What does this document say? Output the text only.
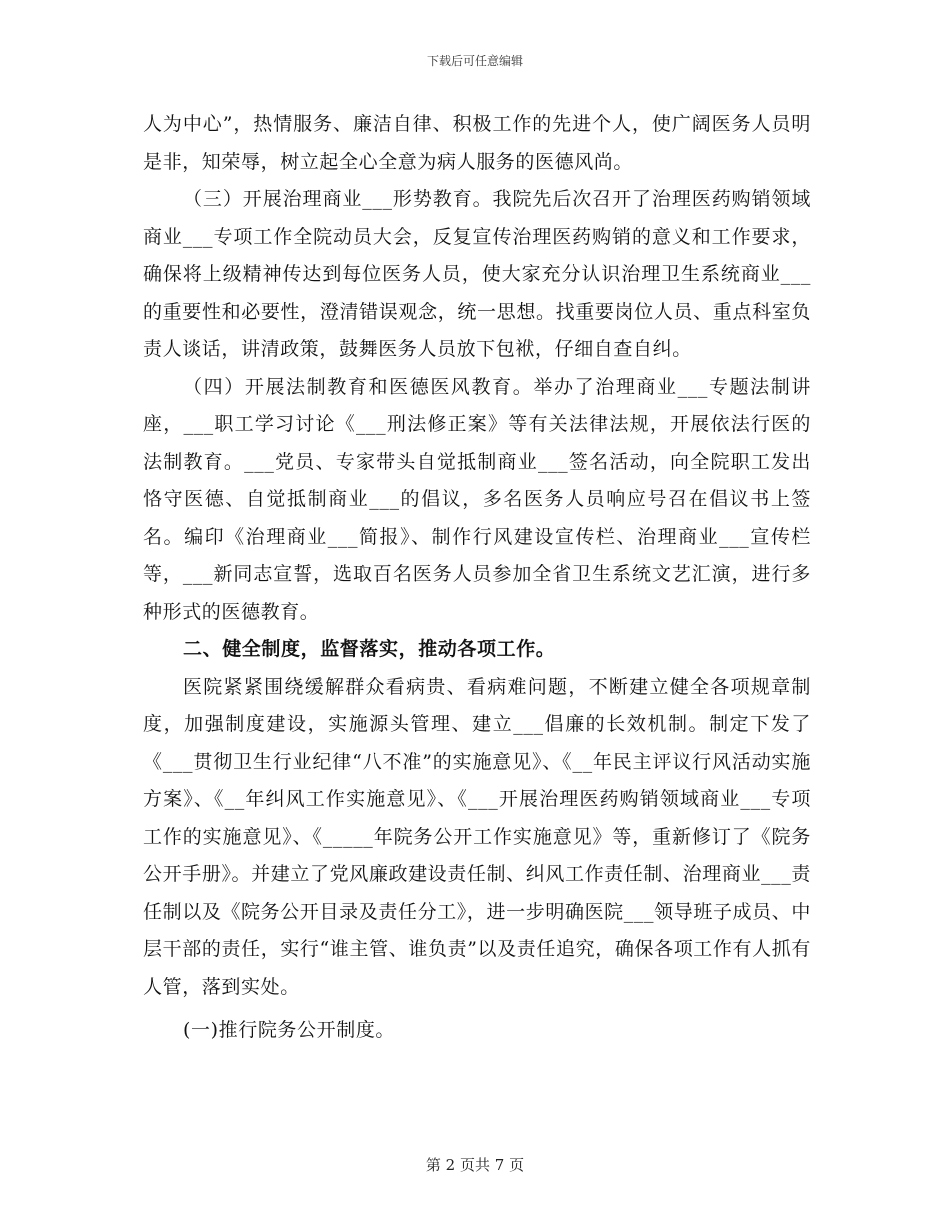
下载后可任意编辑

人为中心”，热情服务、廉洁自律、积极工作的先进个人，使广阔医务人员明是非，知荣辱，树立起全心全意为病人服务的医德风尚。

（三）开展治理商业___形势教育。我院先后次召开了治理医药购销领域商业___专项工作全院动员大会，反复宣传治理医药购销的意义和工作要求，确保将上级精神传达到每位医务人员，使大家充分认识治理卫生系统商业___的重要性和必要性，澄清错误观念，统一思想。找重要岗位人员、重点科室负责人谈话，讲清政策，鼓舞医务人员放下包袱，仔细自查自纠。

（四）开展法制教育和医德医风教育。举办了治理商业___专题法制讲座，___职工学习讨论《___刑法修正案》等有关法律法规，开展依法行医的法制教育。___党员、专家带头自觉抵制商业___签名活动，向全院职工发出恪守医德、自觉抵制商业___的倡议，多名医务人员响应号召在倡议书上签名。编印《治理商业___简报》、制作行风建设宣传栏、治理商业___宣传栏等，___新同志宣誓，选取百名医务人员参加全省卫生系统文艺汇演，进行多种形式的医德教育。

二、健全制度，监督落实，推动各项工作。

医院紧紧围绕缓解群众看病贵、看病难问题，不断建立健全各项规章制度，加强制度建设，实施源头管理、建立___倡廉的长效机制。制定下发了《___贯彻卫生行业纪律“八不准”的实施意见》、《__年民主评议行风活动实施方案》、《__年纠风工作实施意见》、《___开展治理医药购销领域商业___专项工作的实施意见》、《_____年院务公开工作实施意见》等，重新修订了《院务公开手册》。并建立了党风廉政建设责任制、纠风工作责任制、治理商业___责任制以及《院务公开目录及责任分工》，进一步明确医院___领导班子成员、中层干部的责任，实行“谁主管、谁负责”以及责任追究，确保各项工作有人抓有人管，落到实处。

(一)推行院务公开制度。

第 2 页共 7 页
